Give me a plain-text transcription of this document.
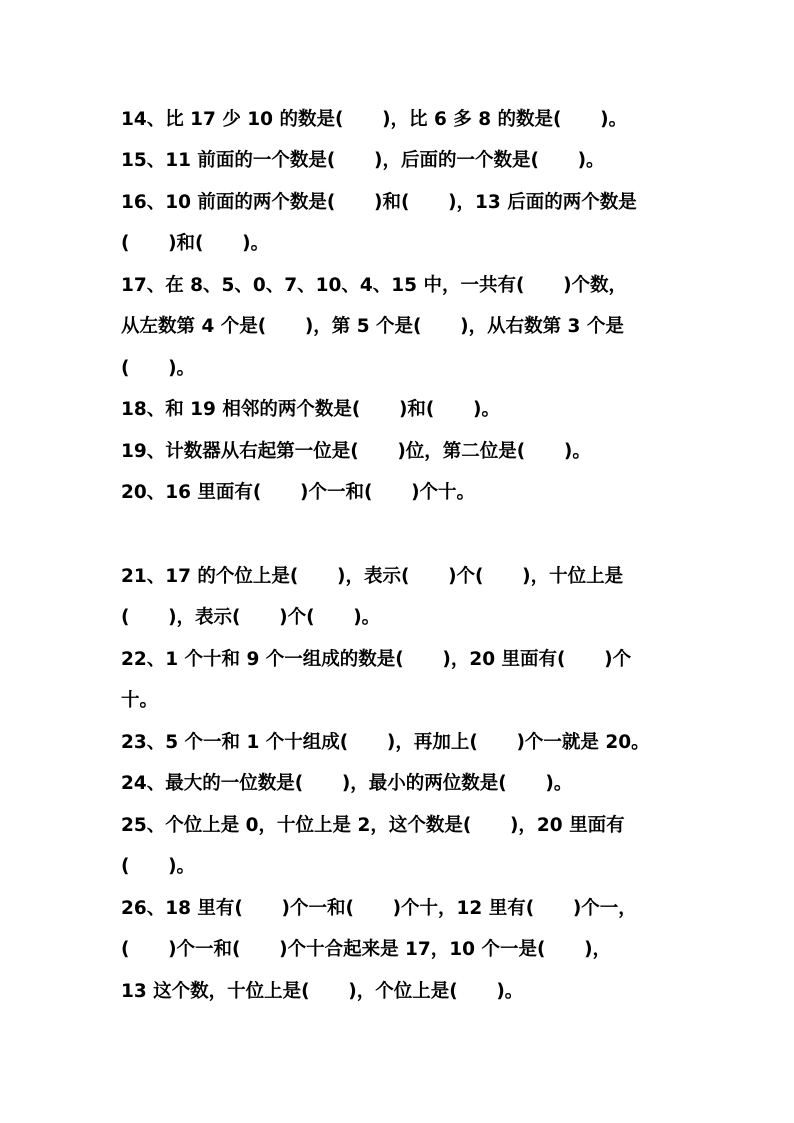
14、比 17 少 10 的数是(      )，比 6 多 8 的数是(      )。
15、11 前面的一个数是(      )，后面的一个数是(      )。
16、10 前面的两个数是(      )和(      )，13 后面的两个数是
(      )和(      )。
17、在 8、5、0、7、10、4、15 中，一共有(      )个数，
从左数第 4 个是(      )，第 5 个是(      )，从右数第 3 个是
(      )。
18、和 19 相邻的两个数是(      )和(      )。
19、计数器从右起第一位是(      )位，第二位是(      )。
20、16 里面有(      )个一和(      )个十。
21、17 的个位上是(      )，表示(      )个(      )，十位上是
(      )，表示(      )个(      )。
22、1 个十和 9 个一组成的数是(      )，20 里面有(      )个
十。
23、5 个一和 1 个十组成(      )，再加上(      )个一就是 20。
24、最大的一位数是(      )，最小的两位数是(      )。
25、个位上是 0，十位上是 2，这个数是(      )，20 里面有
(      )。
26、18 里有(      )个一和(      )个十，12 里有(      )个一，
(      )个一和(      )个十合起来是 17，10 个一是(      )，
13 这个数，十位上是(      )，个位上是(      )。
